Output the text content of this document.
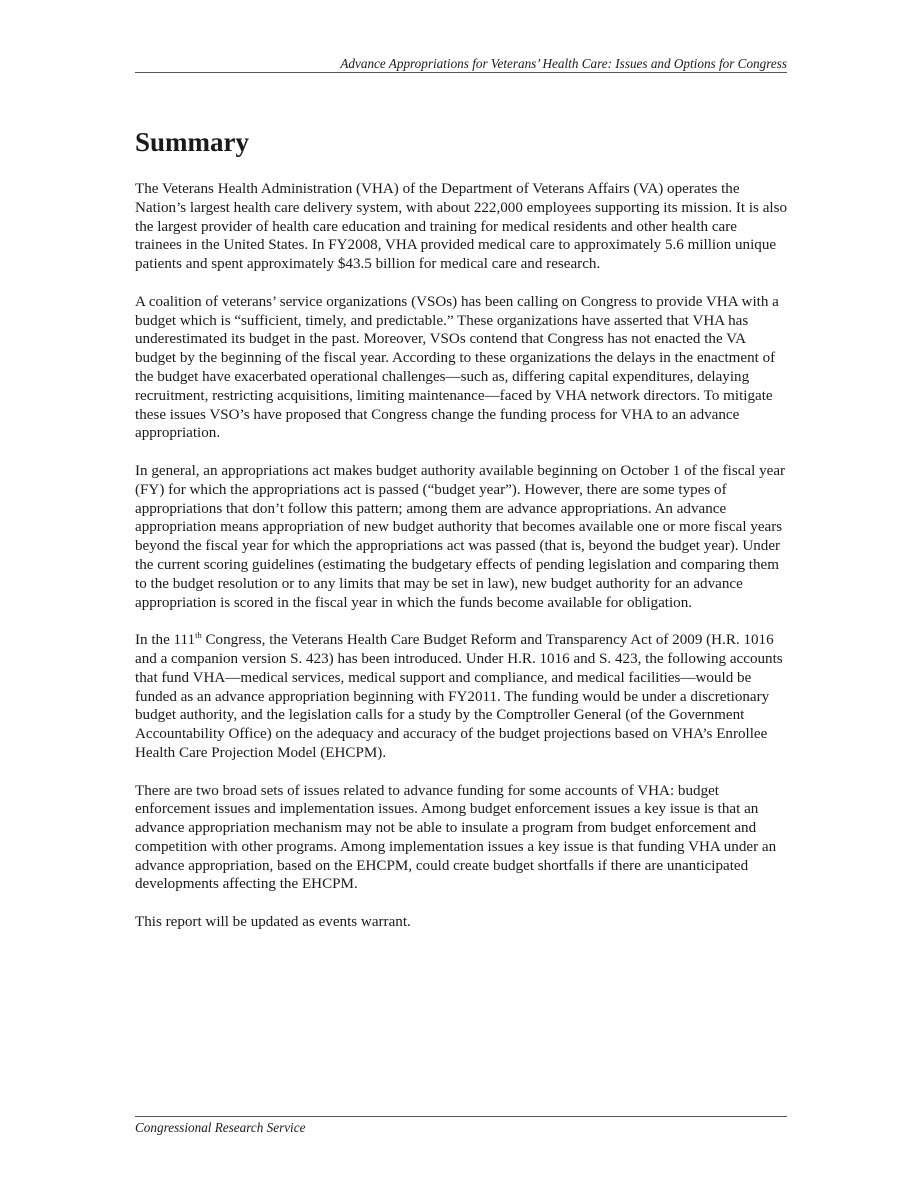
Advance Appropriations for Veterans’ Health Care: Issues and Options for Congress
Summary

The Veterans Health Administration (VHA) of the Department of Veterans Affairs (VA) operates the Nation’s largest health care delivery system, with about 222,000 employees supporting its mission. It is also the largest provider of health care education and training for medical residents and other health care trainees in the United States. In FY2008, VHA provided medical care to approximately 5.6 million unique patients and spent approximately $43.5 billion for medical care and research.

A coalition of veterans’ service organizations (VSOs) has been calling on Congress to provide VHA with a budget which is “sufficient, timely, and predictable.” These organizations have asserted that VHA has underestimated its budget in the past. Moreover, VSOs contend that Congress has not enacted the VA budget by the beginning of the fiscal year. According to these organizations the delays in the enactment of the budget have exacerbated operational challenges—such as, differing capital expenditures, delaying recruitment, restricting acquisitions, limiting maintenance—faced by VHA network directors. To mitigate these issues VSO’s have proposed that Congress change the funding process for VHA to an advance appropriation.

In general, an appropriations act makes budget authority available beginning on October 1 of the fiscal year (FY) for which the appropriations act is passed (“budget year”). However, there are some types of appropriations that don’t follow this pattern; among them are advance appropriations. An advance appropriation means appropriation of new budget authority that becomes available one or more fiscal years beyond the fiscal year for which the appropriations act was passed (that is, beyond the budget year). Under the current scoring guidelines (estimating the budgetary effects of pending legislation and comparing them to the budget resolution or to any limits that may be set in law), new budget authority for an advance appropriation is scored in the fiscal year in which the funds become available for obligation.

In the 111th Congress, the Veterans Health Care Budget Reform and Transparency Act of 2009 (H.R. 1016 and a companion version S. 423) has been introduced. Under H.R. 1016 and S. 423, the following accounts that fund VHA—medical services, medical support and compliance, and medical facilities—would be funded as an advance appropriation beginning with FY2011. The funding would be under a discretionary budget authority, and the legislation calls for a study by the Comptroller General (of the Government Accountability Office) on the adequacy and accuracy of the budget projections based on VHA’s Enrollee Health Care Projection Model (EHCPM).

There are two broad sets of issues related to advance funding for some accounts of VHA: budget enforcement issues and implementation issues. Among budget enforcement issues a key issue is that an advance appropriation mechanism may not be able to insulate a program from budget enforcement and competition with other programs. Among implementation issues a key issue is that funding VHA under an advance appropriation, based on the EHCPM, could create budget shortfalls if there are unanticipated developments affecting the EHCPM.

This report will be updated as events warrant.

Congressional Research Service
